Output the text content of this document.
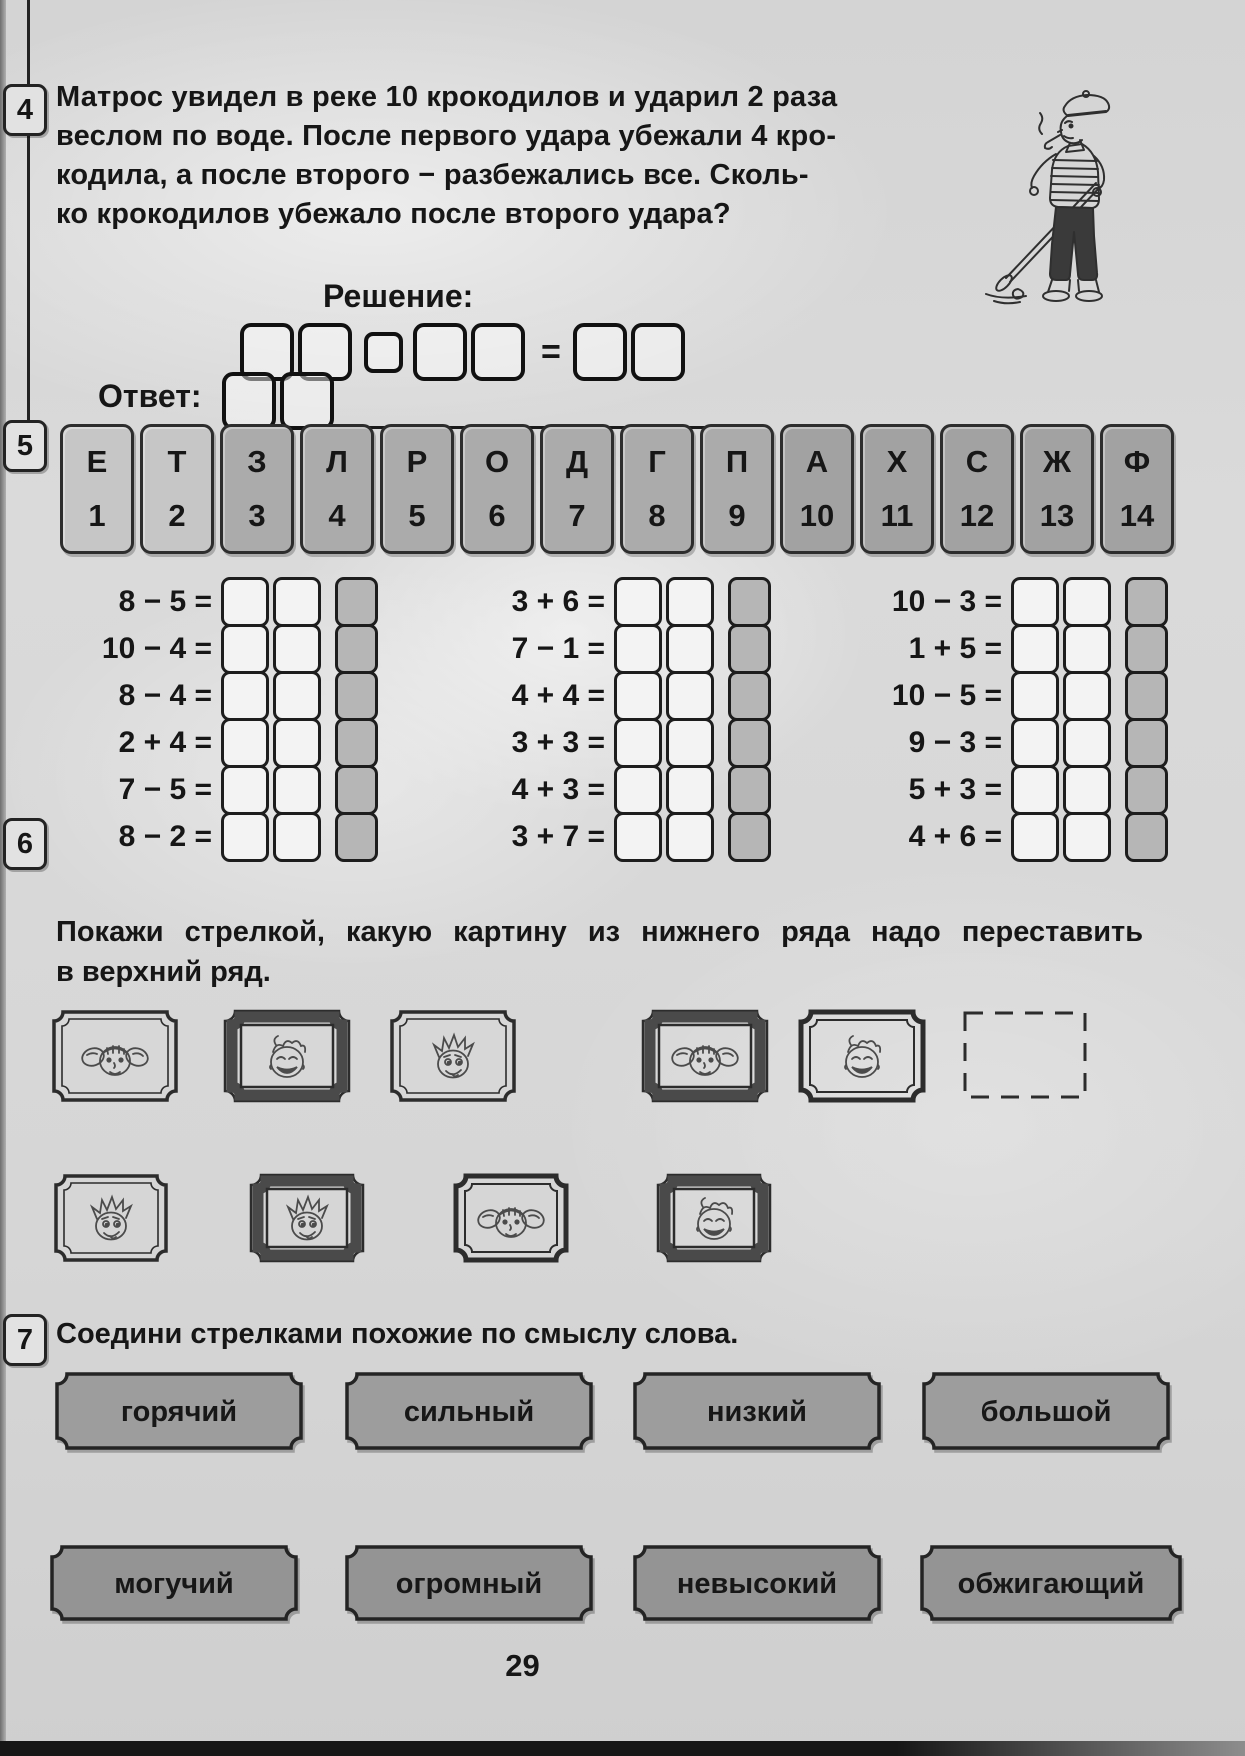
4 Матрос увидел в реке 10 крокодилов и ударил 2 раза
веслом по воде. После первого удара убежали 4 кро-
кодила, а после второго − разбежались все. Сколь-
ко крокодилов убежало после второго удара?
Решение:
=
Ответ:
5 Е
1
Т
2
З
3
Л
4
Р
5
О
6
Д
7
Г
8
П
9
А
10
Х
11
С
12
Ж
13
Ф
14
8 − 5 =
10 − 4 =
8 − 4 =
2 + 4 =
7 − 5 =
8 − 2 =
3 + 6 =
7 − 1 =
4 + 4 =
3 + 3 =
4 + 3 =
3 + 7 =
10 − 3 =
1 + 5 =
10 − 5 =
9 − 3 =
5 + 3 =
4 + 6 =
6
Покажи стрелкой, какую картину из нижнего ряда надо переставить
в верхний ряд.
7 Соедини стрелками похожие по смыслу слова.
горячий	сильный	низкий	большой
могучий	огромный	невысокий	обжигающий
29
